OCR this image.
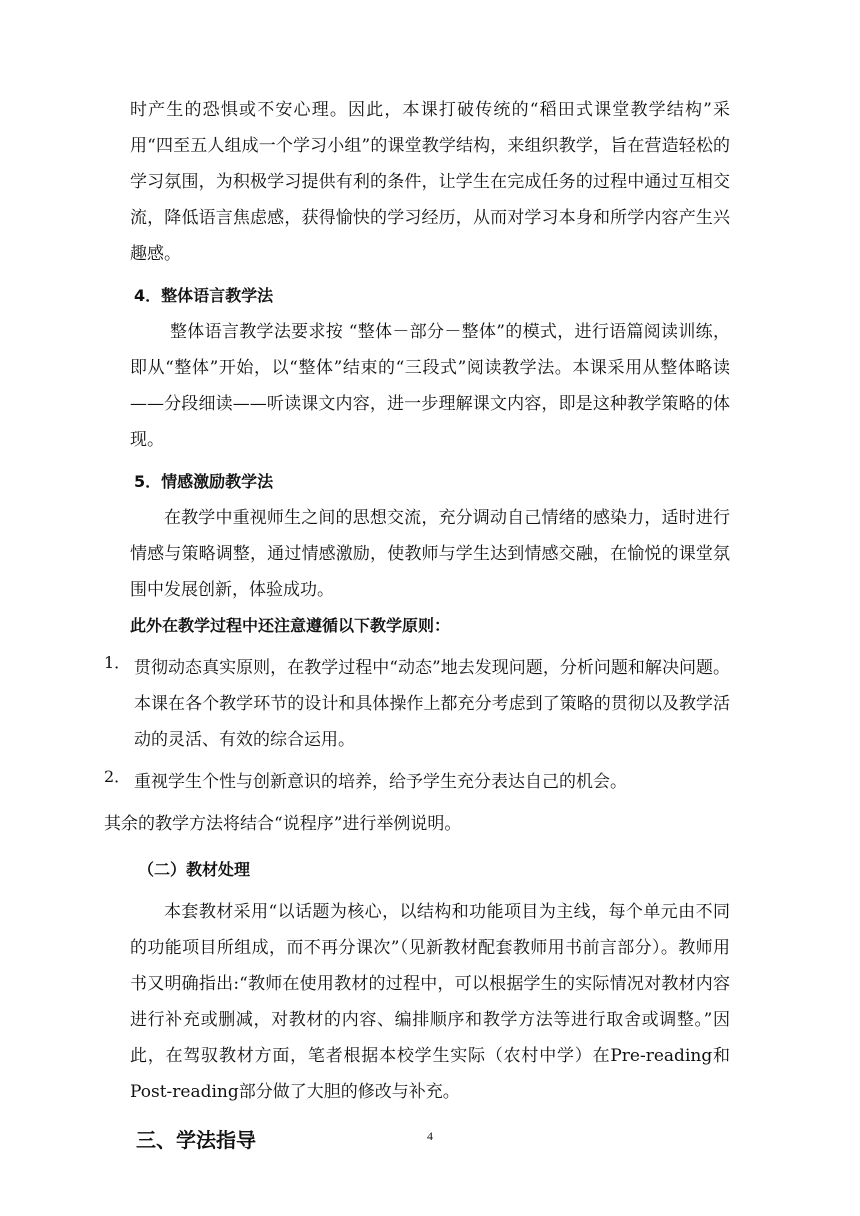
时产生的恐惧或不安心理。因此，本课打破传统的“稻田式课堂教学结构”采用“四至五人组成一个学习小组”的课堂教学结构，来组织教学，旨在营造轻松的学习氛围，为积极学习提供有利的条件，让学生在完成任务的过程中通过互相交流，降低语言焦虑感，获得愉快的学习经历，从而对学习本身和所学内容产生兴趣感。

4．整体语言教学法

整体语言教学法要求按 “整体－部分－整体”的模式，进行语篇阅读训练，即从“整体”开始，以“整体”结束的“三段式”阅读教学法。本课采用从整体略读——分段细读——听读课文内容，进一步理解课文内容，即是这种教学策略的体现。

5．情感激励教学法

在教学中重视师生之间的思想交流，充分调动自己情绪的感染力，适时进行情感与策略调整，通过情感激励，使教师与学生达到情感交融，在愉悦的课堂氛围中发展创新，体验成功。

此外在教学过程中还注意遵循以下教学原则：
1． 贯彻动态真实原则，在教学过程中“动态”地去发现问题，分析问题和解决问题。本课在各个教学环节的设计和具体操作上都充分考虑到了策略的贯彻以及教学活动的灵活、有效的综合运用。

2． 重视学生个性与创新意识的培养，给予学生充分表达自己的机会。

其余的教学方法将结合“说程序”进行举例说明。

（二）教材处理

本套教材采用“以话题为核心，以结构和功能项目为主线，每个单元由不同的功能项目所组成，而不再分课次”（见新教材配套教师用书前言部分）。教师用书又明确指出:“教师在使用教材的过程中，可以根据学生的实际情况对教材内容进行补充或删减，对教材的内容、编排顺序和教学方法等进行取舍或调整。”因此，在驾驭教材方面，笔者根据本校学生实际（农村中学）在Pre-reading和Post-reading部分做了大胆的修改与补充。

三、学法指导	4
